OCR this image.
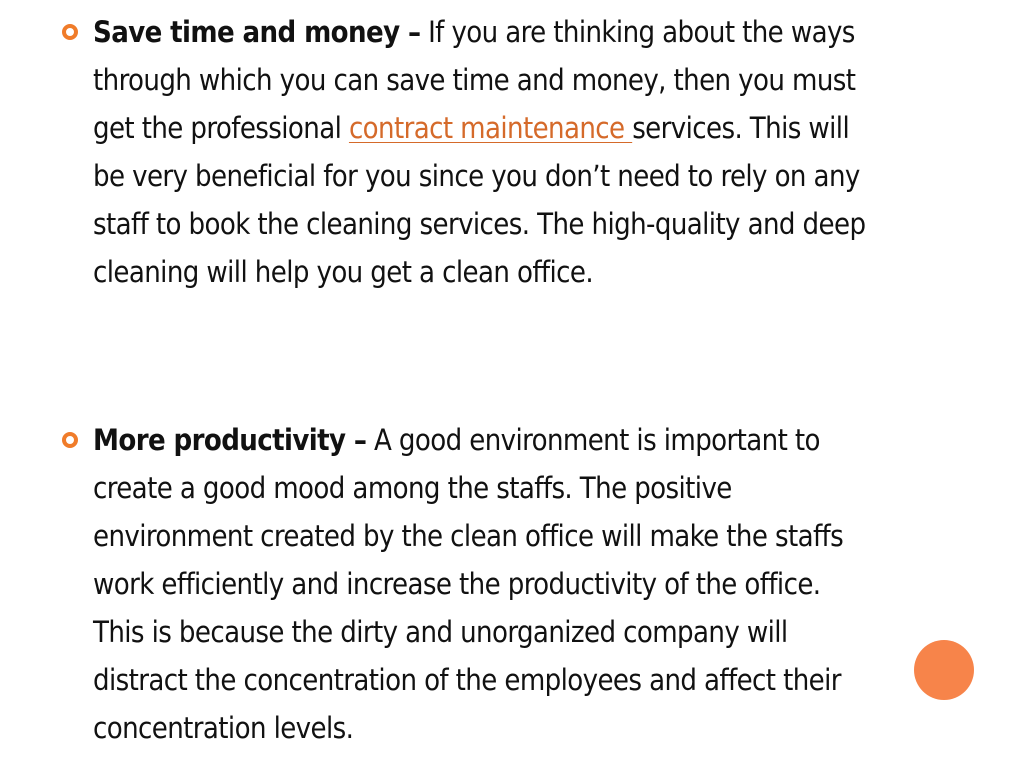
Save time and money – If you are thinking about the ways through which you can save time and money, then you must get the professional contract maintenance services. This will be very beneficial for you since you don’t need to rely on any staff to book the cleaning services. The high-quality and deep cleaning will help you get a clean office.
More productivity – A good environment is important to create a good mood among the staffs. The positive environment created by the clean office will make the staffs work efficiently and increase the productivity of the office. This is because the dirty and unorganized company will distract the concentration of the employees and affect their concentration levels.
